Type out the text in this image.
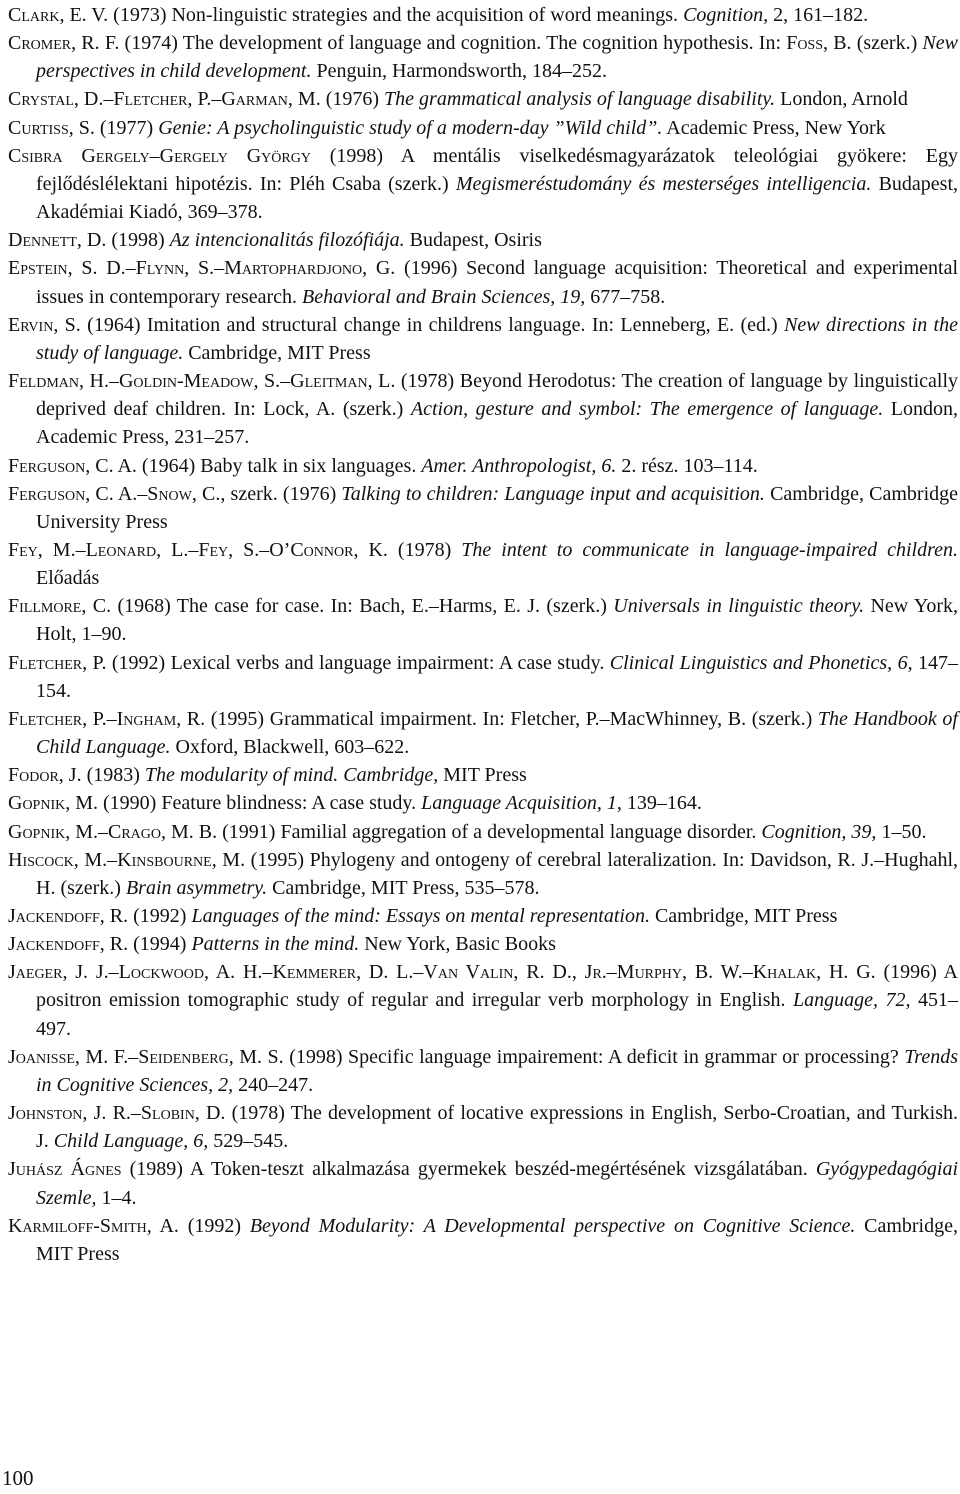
Clark, E. V. (1973) Non-linguistic strategies and the acquisition of word meanings. Cognition, 2, 161–182.

Cromer, R. F. (1974) The development of language and cognition. The cognition hypothesis. In: Foss, B. (szerk.) New perspectives in child development. Penguin, Harmondsworth, 184–252.

Crystal, D.–Fletcher, P.–Garman, M. (1976) The grammatical analysis of language disability. London, Arnold

Curtiss, S. (1977) Genie: A psycholinguistic study of a modern-day ”Wild child”. Academic Press, New York

Csibra Gergely–Gergely György (1998) A mentális viselkedésmagyarázatok teleológiai gyökere: Egy fejlődéslélektani hipotézis. In: Pléh Csaba (szerk.) Megismeréstudomány és mesterséges intelligencia. Budapest, Akadémiai Kiadó, 369–378.

Dennett, D. (1998) Az intencionalitás filozófiája. Budapest, Osiris

Epstein, S. D.–Flynn, S.–Martophardjono, G. (1996) Second language acquisition: Theoretical and experimental issues in contemporary research. Behavioral and Brain Sciences, 19, 677–758.

Ervin, S. (1964) Imitation and structural change in childrens language. In: Lenneberg, E. (ed.) New directions in the study of language. Cambridge, MIT Press

Feldman, H.–Goldin-Meadow, S.–Gleitman, L. (1978) Beyond Herodotus: The creation of language by linguistically deprived deaf children. In: Lock, A. (szerk.) Action, gesture and symbol: The emergence of language. London, Academic Press, 231–257.

Ferguson, C. A. (1964) Baby talk in six languages. Amer. Anthropologist, 6. 2. rész. 103–114.

Ferguson, C. A.–Snow, C., szerk. (1976) Talking to children: Language input and acquisition. Cambridge, Cambridge University Press

Fey, M.–Leonard, L.–Fey, S.–O’Connor, K. (1978) The intent to communicate in language-impaired children. Előadás

Fillmore, C. (1968) The case for case. In: Bach, E.–Harms, E. J. (szerk.) Universals in linguistic theory. New York, Holt, 1–90.

Fletcher, P. (1992) Lexical verbs and language impairment: A case study. Clinical Linguistics and Phonetics, 6, 147–154.

Fletcher, P.–Ingham, R. (1995) Grammatical impairment. In: Fletcher, P.–MacWhinney, B. (szerk.) The Handbook of Child Language. Oxford, Blackwell, 603–622.

Fodor, J. (1983) The modularity of mind. Cambridge, MIT Press

Gopnik, M. (1990) Feature blindness: A case study. Language Acquisition, 1, 139–164.

Gopnik, M.–Crago, M. B. (1991) Familial aggregation of a developmental language disorder. Cognition, 39, 1–50.

Hiscock, M.–Kinsbourne, M. (1995) Phylogeny and ontogeny of cerebral lateralization. In: Davidson, R. J.–Hughahl, H. (szerk.) Brain asymmetry. Cambridge, MIT Press, 535–578.

Jackendoff, R. (1992) Languages of the mind: Essays on mental representation. Cambridge, MIT Press

Jackendoff, R. (1994) Patterns in the mind. New York, Basic Books

Jaeger, J. J.–Lockwood, A. H.–Kemmerer, D. L.–Van Valin, R. D., Jr.–Murphy, B. W.–Khalak, H. G. (1996) A positron emission tomographic study of regular and irregular verb morphology in English. Language, 72, 451–497.

Joanisse, M. F.–Seidenberg, M. S. (1998) Specific language impairement: A deficit in grammar or processing? Trends in Cognitive Sciences, 2, 240–247.

Johnston, J. R.–Slobin, D. (1978) The development of locative expressions in English, Serbo-Croatian, and Turkish. J. Child Language, 6, 529–545.

Juhász Ágnes (1989) A Token-teszt alkalmazása gyermekek beszéd-megértésének vizsgálatában. Gyógypedagógiai Szemle, 1–4.

Karmiloff-Smith, A. (1992) Beyond Modularity: A Developmental perspective on Cognitive Science. Cambridge, MIT Press

100
